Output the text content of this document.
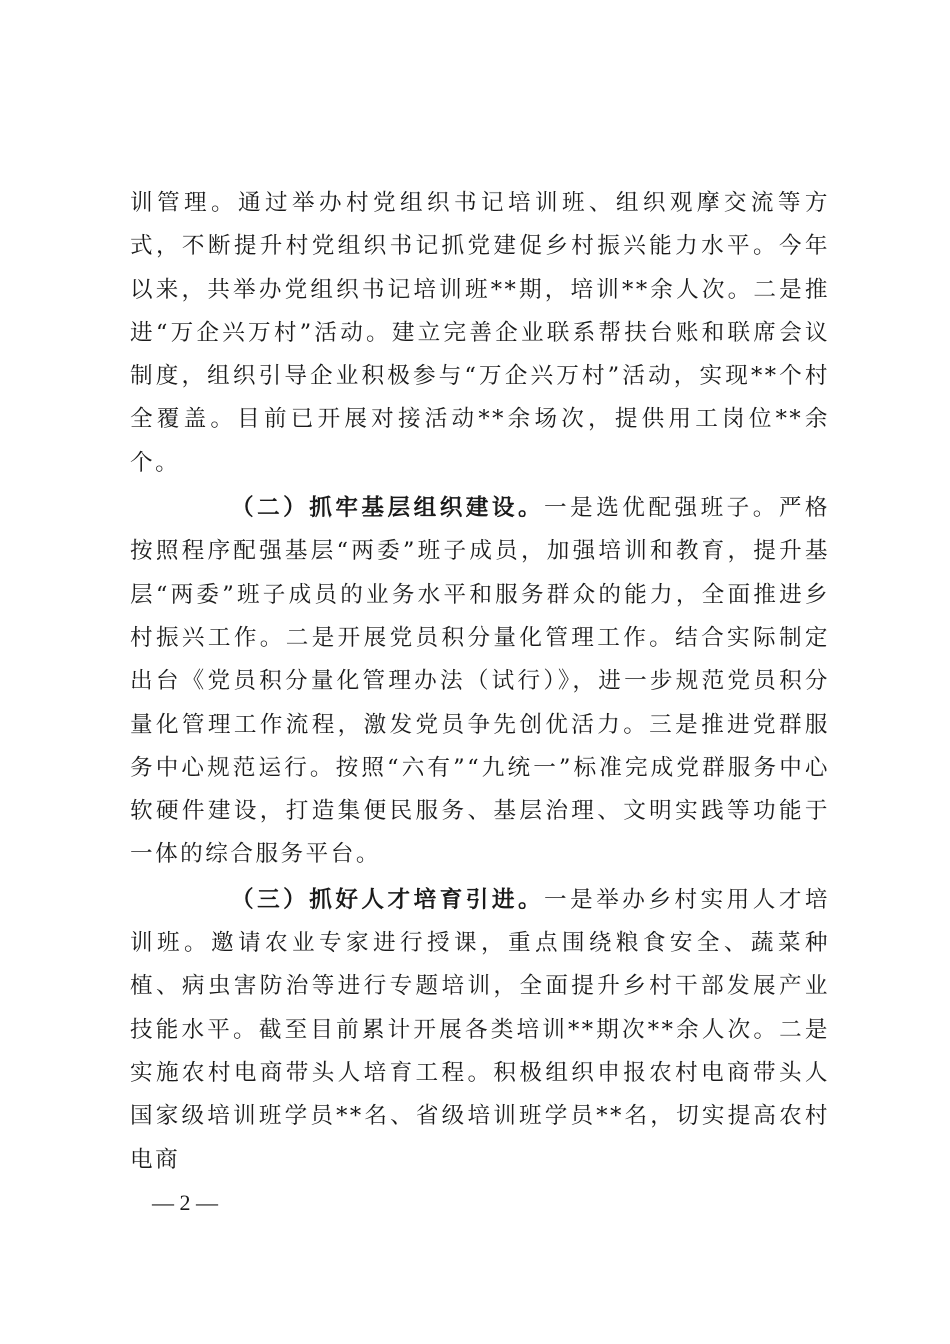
训管理。通过举办村党组织书记培训班、组织观摩交流等方式，不断提升村党组织书记抓党建促乡村振兴能力水平。今年以来，共举办党组织书记培训班**期，培训**余人次。二是推进“万企兴万村”活动。建立完善企业联系帮扶台账和联席会议制度，组织引导企业积极参与“万企兴万村”活动，实现**个村全覆盖。目前已开展对接活动**余场次，提供用工岗位**余个。

（二）抓牢基层组织建设。一是选优配强班子。严格按照程序配强基层“两委”班子成员，加强培训和教育，提升基层“两委”班子成员的业务水平和服务群众的能力，全面推进乡村振兴工作。二是开展党员积分量化管理工作。结合实际制定出台《党员积分量化管理办法（试行）》，进一步规范党员积分量化管理工作流程，激发党员争先创优活力。三是推进党群服务中心规范运行。按照“六有”“九统一”标准完成党群服务中心软硬件建设，打造集便民服务、基层治理、文明实践等功能于一体的综合服务平台。

（三）抓好人才培育引进。一是举办乡村实用人才培训班。邀请农业专家进行授课，重点围绕粮食安全、蔬菜种植、病虫害防治等进行专题培训，全面提升乡村干部发展产业技能水平。截至目前累计开展各类培训**期次**余人次。二是实施农村电商带头人培育工程。积极组织申报农村电商带头人国家级培训班学员**名、省级培训班学员**名，切实提高农村电商

— 2 —
